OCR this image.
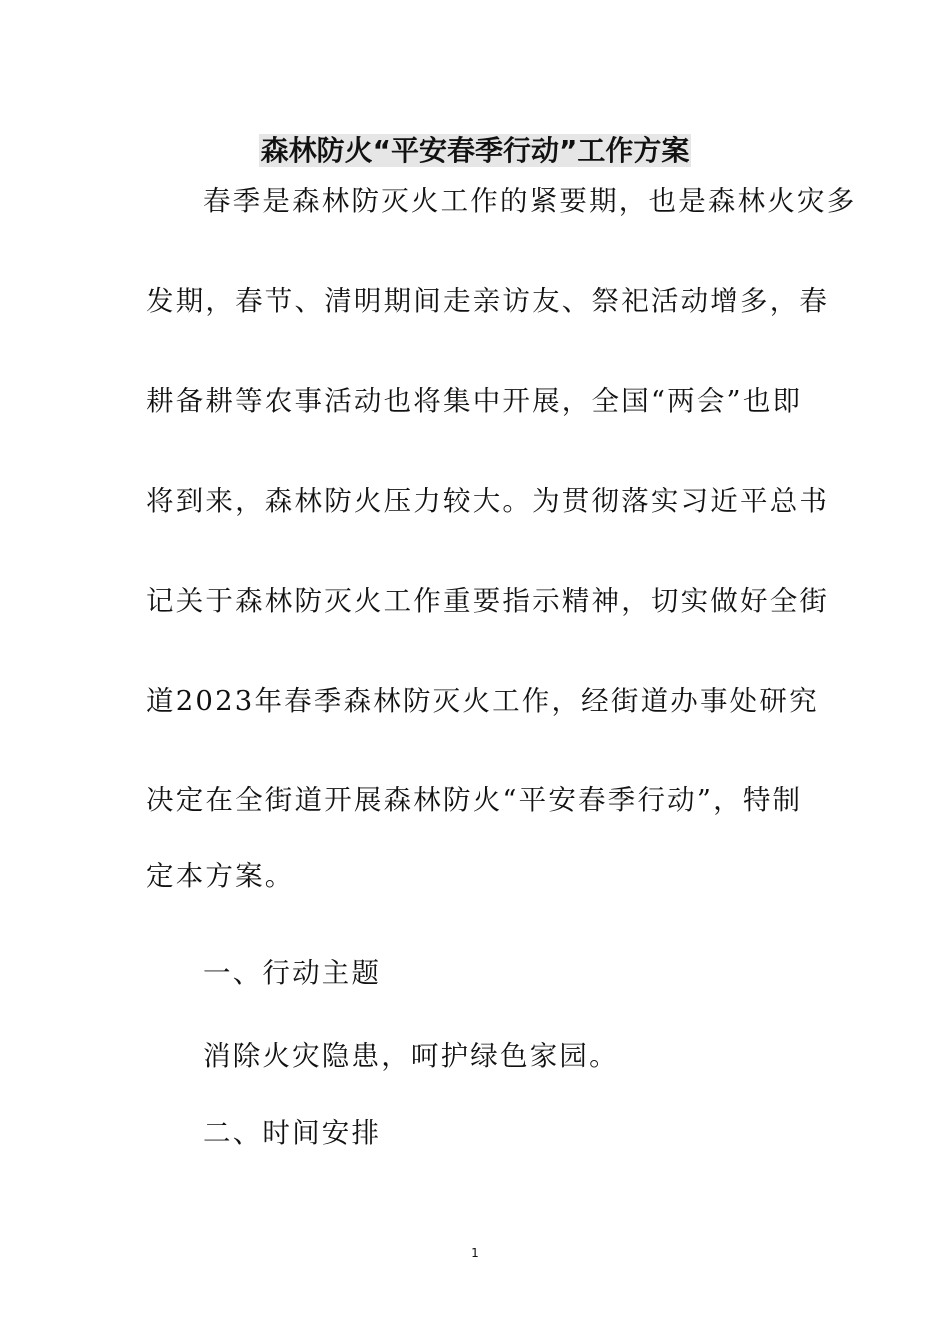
森林防火“平安春季行动”工作方案
春季是森林防灭火工作的紧要期，也是森林火灾多
发期，春节、清明期间走亲访友、祭祀活动增多，春
耕备耕等农事活动也将集中开展，全国“两会”也即
将到来，森林防火压力较大。为贯彻落实习近平总书
记关于森林防灭火工作重要指示精神，切实做好全街
道2023年春季森林防灭火工作，经街道办事处研究
决定在全街道开展森林防火“平安春季行动”，特制
定本方案。
一、行动主题
消除火灾隐患，呵护绿色家园。
二、时间安排
1
